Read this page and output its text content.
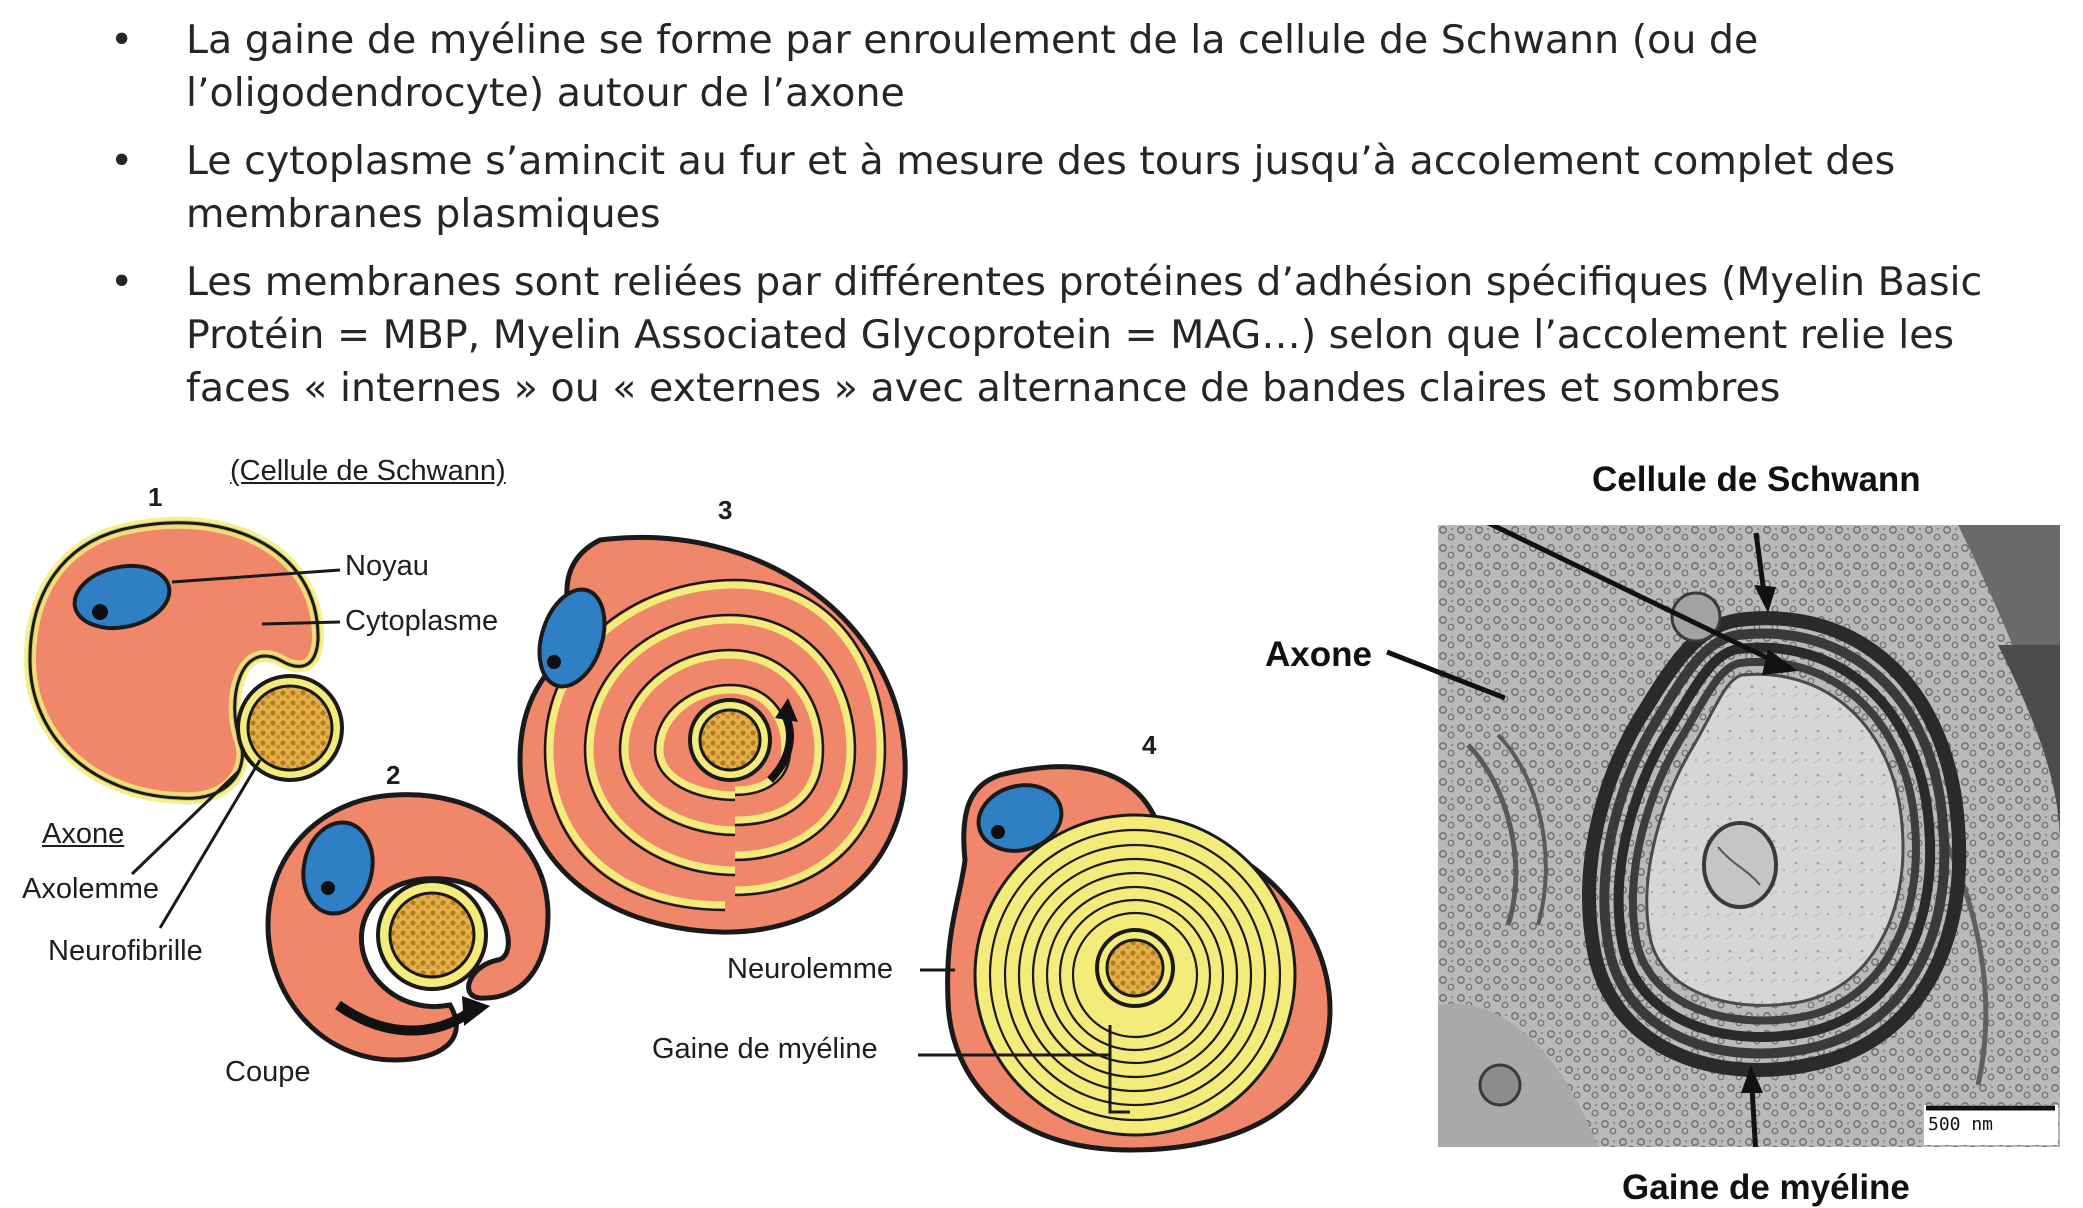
•	La gaine de myéline se forme par enroulement de la cellule de Schwann (ou de l’oligodendrocyte) autour de l’axone
•	Le cytoplasme s’amincit au fur et à mesure des tours jusqu’à accolement complet des membranes plasmiques
•	Les membranes sont reliées par différentes protéines d’adhésion spécifiques (Myelin Basic Protéin = MBP, Myelin Associated Glycoprotein = MAG…) selon que l’accolement relie les faces « internes » ou « externes » avec alternance de bandes claires et sombres
(Cellule de Schwann)
1
2
3
4
Noyau
Cytoplasme
Axone
Axolemme
Neurofibrille
Coupe
Neurolemme
Gaine de myéline
Cellule de Schwann
Axone
Gaine de myéline
500 nm
